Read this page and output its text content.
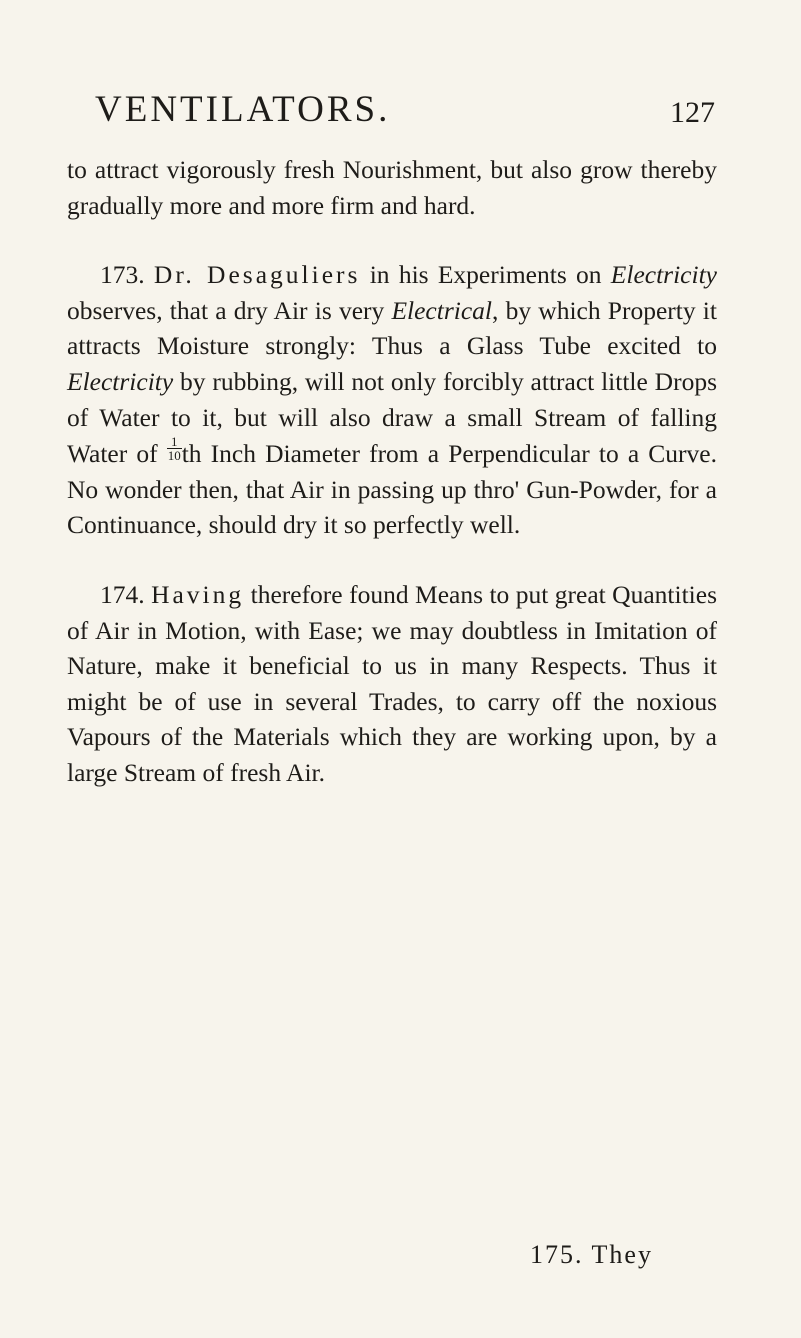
VENTILATORS.	127

to attract vigorously fresh Nourishment, but also grow thereby gradually more and more firm and hard.

173. Dr. Desaguliers in his Experiments on Electricity observes, that a dry Air is very Electrical, by which Property it attracts Moisture strongly: Thus a Glass Tube excited to Electricity by rubbing, will not only forcibly attract little Drops of Water to it, but will also draw a small Stream of falling Water of $\frac{1}{10}$ th Inch Diameter from a Perpendicular to a Curve. No wonder then, that Air in passing up thro' Gun-Powder, for a Continuance, should dry it so perfectly well.

174. Having therefore found Means to put great Quantities of Air in Motion, with Ease; we may doubtless in Imitation of Nature, make it beneficial to us in many Respects. Thus it might be of use in several Trades, to carry off the noxious Vapours of the Materials which they are working upon, by a large Stream of fresh Air.

175. They
